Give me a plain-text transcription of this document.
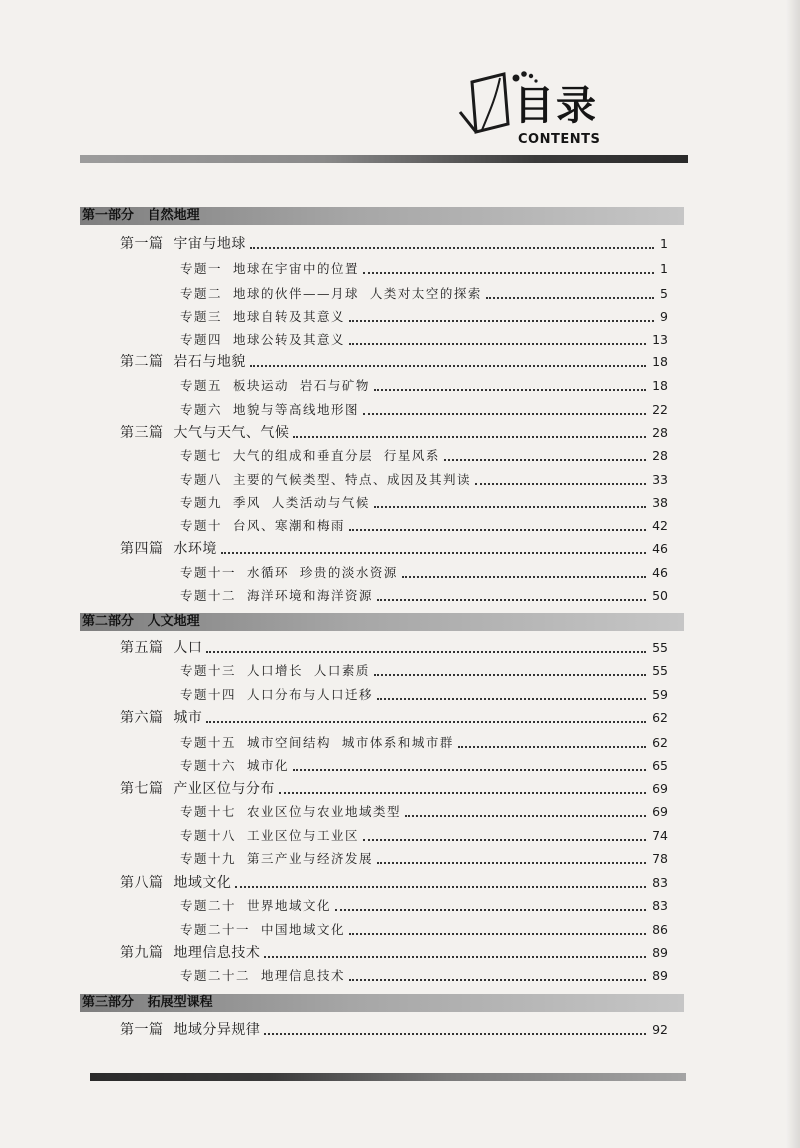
目录
CONTENTS
第一部分   自然地理
第一篇 宇宙与地球	1
专题一 地球在宇宙中的位置	1
专题二 地球的伙伴——月球  人类对太空的探索	5
专题三 地球自转及其意义	9
专题四 地球公转及其意义	13
第二篇 岩石与地貌	18
专题五 板块运动  岩石与矿物	18
专题六 地貌与等高线地形图	22
第三篇 大气与天气、气候	28
专题七 大气的组成和垂直分层  行星风系	28
专题八 主要的气候类型、特点、成因及其判读	33
专题九 季风  人类活动与气候	38
专题十 台风、寒潮和梅雨	42
第四篇 水环境	46
专题十一 水循环  珍贵的淡水资源	46
专题十二 海洋环境和海洋资源	50
第二部分   人文地理
第五篇 人口	55
专题十三 人口增长  人口素质	55
专题十四 人口分布与人口迁移	59
第六篇 城市	62
专题十五 城市空间结构  城市体系和城市群	62
专题十六 城市化	65
第七篇 产业区位与分布	69
专题十七 农业区位与农业地域类型	69
专题十八 工业区位与工业区	74
专题十九 第三产业与经济发展	78
第八篇 地域文化	83
专题二十 世界地域文化	83
专题二十一 中国地域文化	86
第九篇 地理信息技术	89
专题二十二 地理信息技术	89
第三部分   拓展型课程
第一篇 地域分异规律	92
